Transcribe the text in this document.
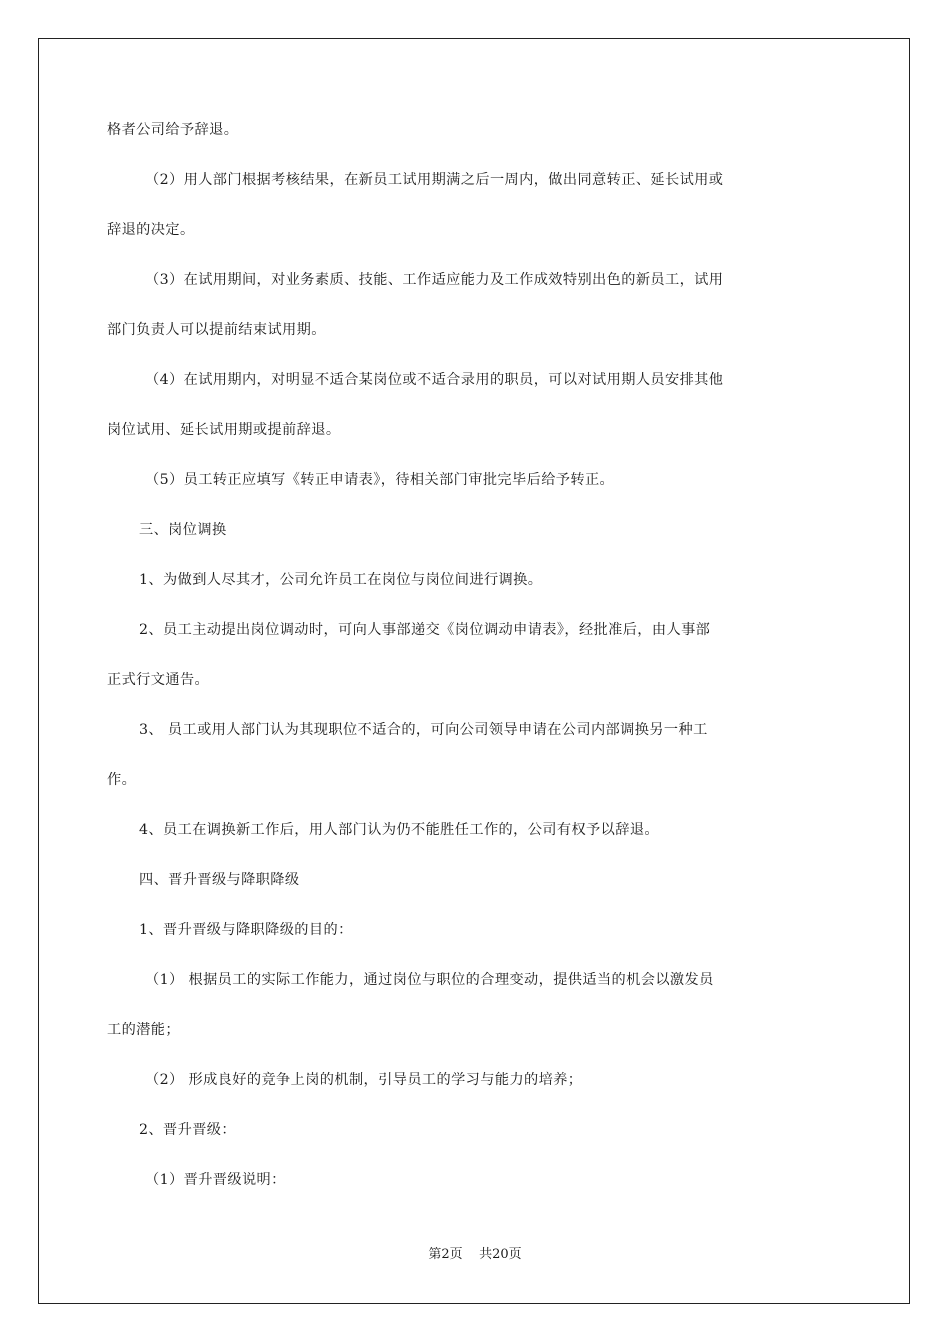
格者公司给予辞退。
（2）用人部门根据考核结果，在新员工试用期满之后一周内，做出同意转正、延长试用或
辞退的决定。
（3）在试用期间，对业务素质、技能、工作适应能力及工作成效特别出色的新员工，试用
部门负责人可以提前结束试用期。
（4）在试用期内，对明显不适合某岗位或不适合录用的职员，可以对试用期人员安排其他
岗位试用、延长试用期或提前辞退。
（5）员工转正应填写《转正申请表》，待相关部门审批完毕后给予转正。
三、岗位调换
1、为做到人尽其才，公司允许员工在岗位与岗位间进行调换。
2、员工主动提出岗位调动时，可向人事部递交《岗位调动申请表》，经批准后，由人事部
正式行文通告。
3、 员工或用人部门认为其现职位不适合的，可向公司领导申请在公司内部调换另一种工
作。
4、员工在调换新工作后，用人部门认为仍不能胜任工作的，公司有权予以辞退。
四、晋升晋级与降职降级
1、晋升晋级与降职降级的目的：
（1） 根据员工的实际工作能力，通过岗位与职位的合理变动，提供适当的机会以激发员
工的潜能；
（2） 形成良好的竞争上岗的机制，引导员工的学习与能力的培养；
2、晋升晋级：
（1）晋升晋级说明：
第2页    共20页
